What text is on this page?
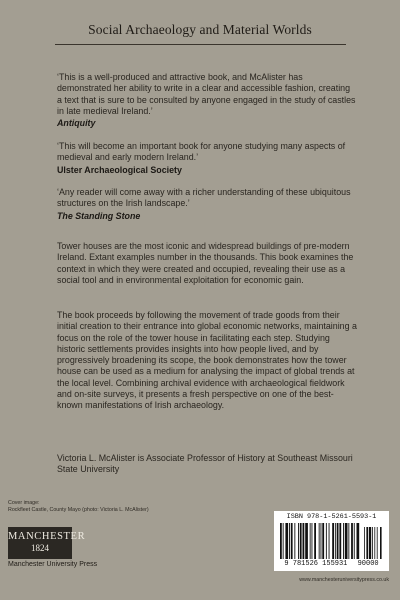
Social Archaeology and Material Worlds

‘This is a well-produced and attractive book, and McAlister has demonstrated her ability to write in a clear and accessible fashion, creating a text that is sure to be consulted by anyone engaged in the study of castles in late medieval Ireland.’

Antiquity

‘This will become an important book for anyone studying many aspects of medieval and early modern Ireland.’

Ulster Archaeological Society

‘Any reader will come away with a richer understanding of these ubiquitous structures on the Irish landscape.’

The Standing Stone

Tower houses are the most iconic and widespread buildings of pre-modern Ireland. Extant examples number in the thousands. This book examines the context in which they were created and occupied, revealing their use as a social tool and in environmental exploitation for economic gain.

The book proceeds by following the movement of trade goods from their initial creation to their entrance into global economic networks, maintaining a focus on the role of the tower house in facilitating each step. Studying historic settlements provides insights into how people lived, and by progressively broadening its scope, the book demonstrates how the tower house can be used as a medium for analysing the impact of global trends at the local level. Combining archival evidence with archaeological fieldwork and on-site surveys, it presents a fresh perspective on one of the best-known manifestations of Irish archaeology.

Victoria L. McAlister is Associate Professor of History at Southeast Missouri State University

Cover image:
Rockfleet Castle, County Mayo (photo: Victoria L. McAlister)
MANCHESTER
1824
Manchester University Press
ISBN 978-1-5261-5593-1
9 781526 155931 90000
www.manchesteruniversitypress.co.uk
